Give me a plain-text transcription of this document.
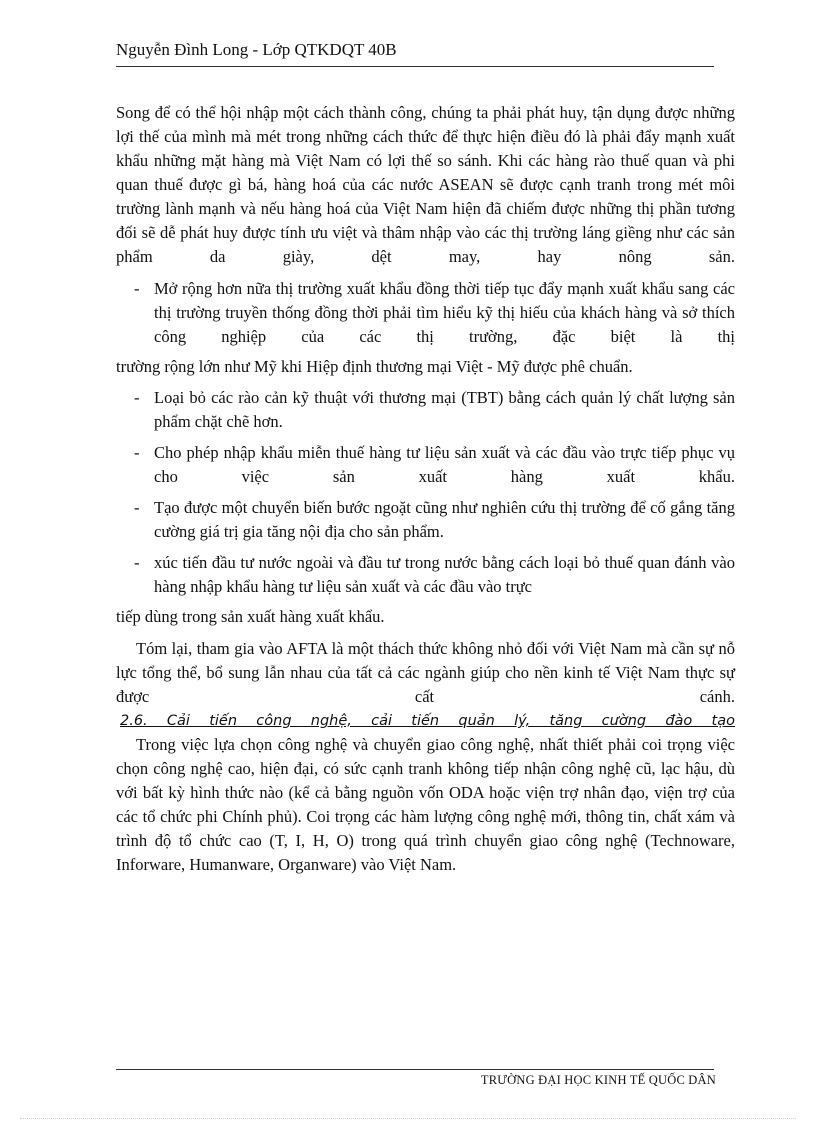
Nguyễn Đình Long - Lớp QTKDQT 40B

Song để có thể hội nhập một cách thành công, chúng ta phải phát huy, tận dụng được những lợi thế của mình mà mét trong những cách thức để thực hiện điều đó là phải đẩy mạnh xuất khẩu những mặt hàng mà Việt Nam có lợi thế so sánh. Khi các hàng rào thuế quan và phi quan thuế được gì bá, hàng hoá của các nước ASEAN sẽ được cạnh tranh trong mét môi trường lành mạnh và nếu hàng hoá của Việt Nam hiện đã chiếm được những thị phần tương đối sẽ dễ phát huy được tính ưu việt và thâm nhập vào các thị trường láng giềng như các sản phẩm da giày, dệt may, hay nông sản.

- Mở rộng hơn nữa thị trường xuất khẩu đồng thời tiếp tục đẩy mạnh xuất khẩu sang các thị trường truyền thống đồng thời phải tìm hiểu kỹ thị hiếu của khách hàng và sở thích công nghiệp của các thị trường, đặc biệt là thị

trường rộng lớn như Mỹ khi Hiệp định thương mại Việt - Mỹ được phê chuẩn.

- Loại bỏ các rào cản kỹ thuật với thương mại (TBT) bằng cách quản lý chất lượng sản phẩm chặt chẽ hơn.
- Cho phép nhập khẩu miễn thuế hàng tư liệu sản xuất và các đầu vào trực tiếp phục vụ cho việc sản xuất hàng xuất khẩu.
- Tạo được một chuyển biến bước ngoặt cũng như nghiên cứu thị trường để cố gắng tăng cường giá trị gia tăng nội địa cho sản phẩm.
- xúc tiến đầu tư nước ngoài và đầu tư trong nước bằng cách loại bỏ thuế quan đánh vào hàng nhập khẩu hàng tư liệu sản xuất và các đầu vào trực

tiếp dùng trong sản xuất hàng xuất khẩu.

Tóm lại, tham gia vào AFTA là một thách thức không nhỏ đối với Việt Nam mà cần sự nỗ lực tổng thể, bổ sung lẫn nhau của tất cả các ngành giúp cho nền kinh tế Việt Nam thực sự được cất cánh.

2.6. Cải tiến công nghệ, cải tiến quản lý, tăng cường đào tạo

Trong việc lựa chọn công nghệ và chuyển giao công nghệ, nhất thiết phải coi trọng việc chọn công nghệ cao, hiện đại, có sức cạnh tranh không tiếp nhận công nghệ cũ, lạc hậu, dù với bất kỳ hình thức nào (kể cả bằng nguồn vốn ODA hoặc viện trợ nhân đạo, viện trợ của các tổ chức phi Chính phủ). Coi trọng các hàm lượng công nghệ mới, thông tin, chất xám và trình độ tổ chức cao (T, I, H, O) trong quá trình chuyển giao công nghệ (Technoware, Inforware, Humanware, Organware) vào Việt Nam.

TRƯỜNG ĐẠI HỌC KINH TẾ QUỐC DÂN
